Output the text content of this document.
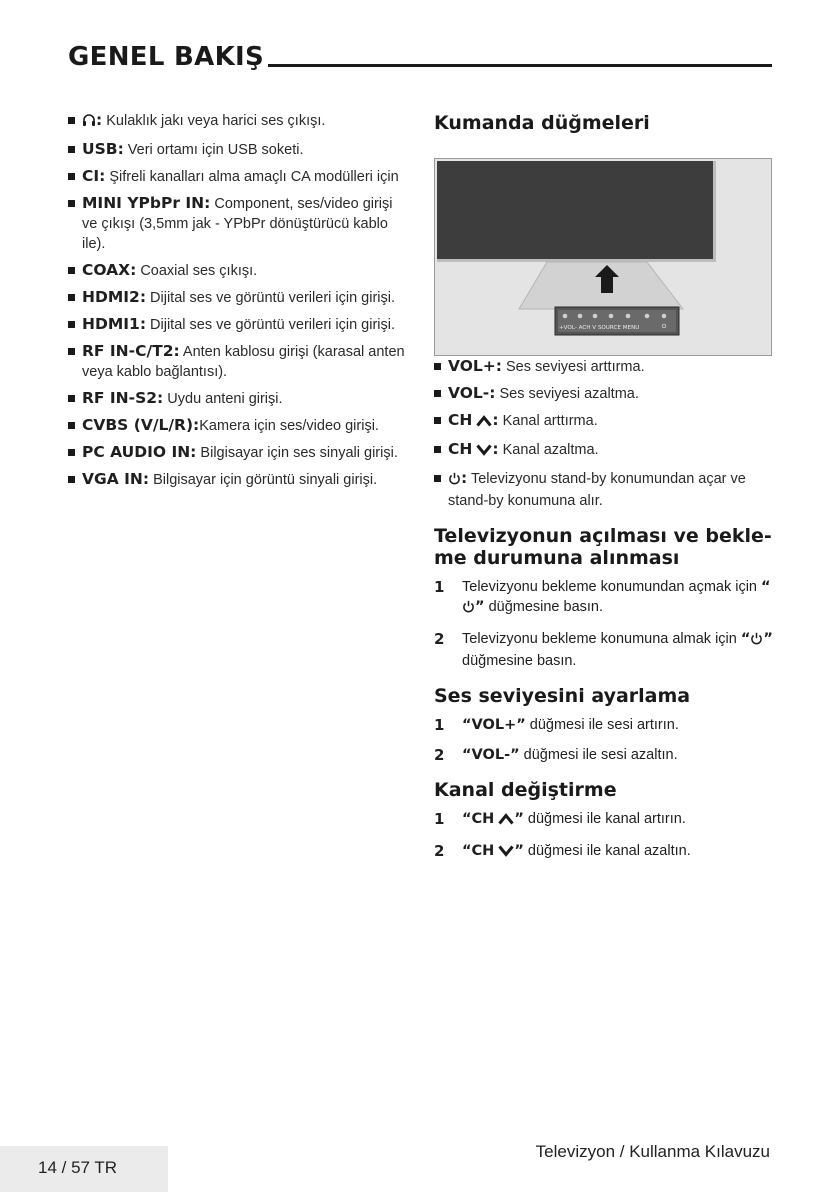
GENEL BAKIŞ
: Kulaklık jakı veya harici ses çıkışı.
USB: Veri ortamı için USB soketi.
CI: Şifreli kanalları alma amaçlı CA modülleri için
MINI YPbPr IN: Component, ses/video girişi ve çıkışı (3,5mm jak - YPbPr dönüştürücü kablo ile).
COAX: Coaxial ses çıkışı.
HDMI2: Dijital ses ve görüntü verileri için girişi.
HDMI1: Dijital ses ve görüntü verileri için girişi.
RF IN-C/T2: Anten kablosu girişi (karasal anten veya kablo bağlantısı).
RF IN-S2: Uydu anteni girişi.
CVBS (V/L/R):Kamera için ses/video girişi.
PC AUDIO IN: Bilgisayar için ses sinyali girişi.
VGA IN: Bilgisayar için görüntü sinyali girişi.
Kumanda düğmeleri
+VOL- ACH V SOURCE MENU
VOL+: Ses seviyesi arttırma.
VOL-: Ses seviyesi azaltma.
CH : Kanal arttırma.
CH : Kanal azaltma.
: Televizyonu stand-by konumundan açar ve stand-by konumuna alır.
Televizyonun açılması ve bekle-me durumuna alınması
1 Televizyonu bekleme konumundan açmak için “” düğmesine basın.
2 Televizyonu bekleme konumuna almak için “ ” düğmesine basın.
Ses seviyesini ayarlama
1 “VOL+” düğmesi ile sesi artırın.
2 “VOL-” düğmesi ile sesi azaltın.
Kanal değiştirme
1 “CH ” düğmesi ile kanal artırın.
2 “CH ” düğmesi ile kanal azaltın.
14 / 57 TR
Televizyon / Kullanma Kılavuzu
